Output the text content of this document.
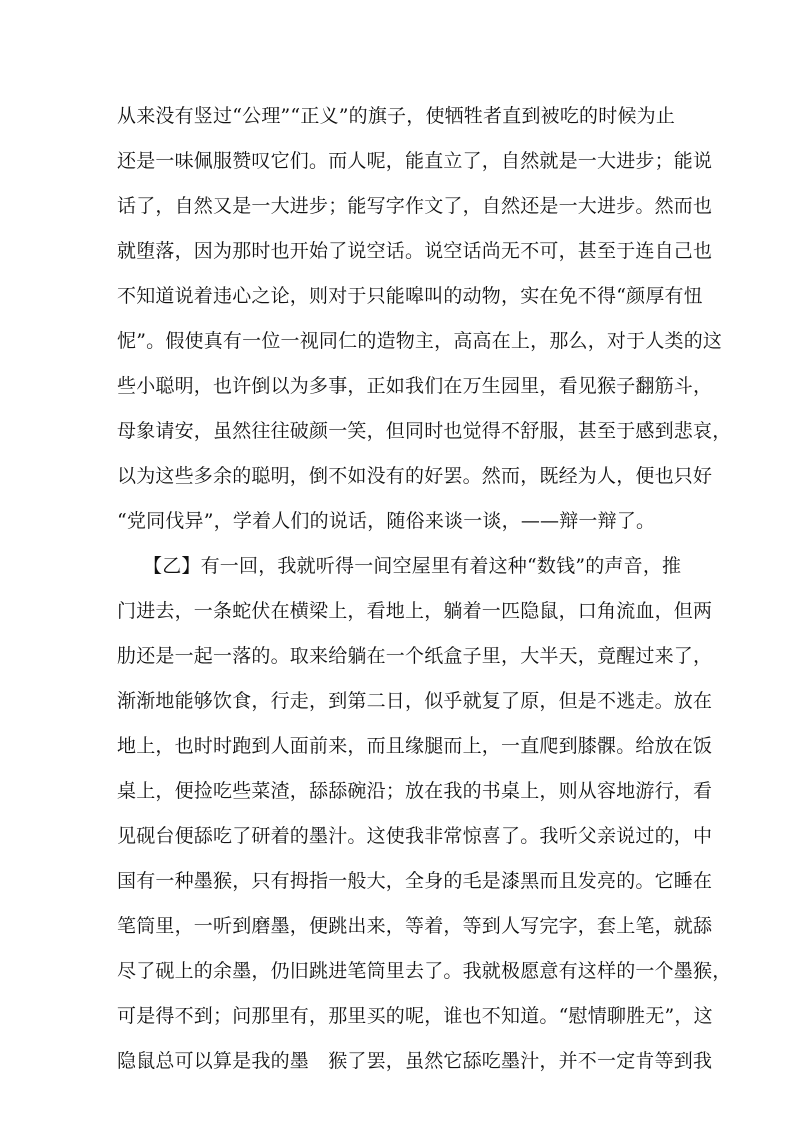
从来没有竖过“公理”“正义”的旗子，使牺牲者直到被吃的时候为止
还是一味佩服赞叹它们。而人呢，能直立了，自然就是一大进步；能说
话了，自然又是一大进步；能写字作文了，自然还是一大进步。然而也
就堕落，因为那时也开始了说空话。说空话尚无不可，甚至于连自己也
不知道说着违心之论，则对于只能嗥叫的动物，实在免不得“颜厚有忸
怩”。假使真有一位一视同仁的造物主，高高在上，那么，对于人类的这
些小聪明，也许倒以为多事，正如我们在万生园里，看见猴子翻筋斗，
母象请安，虽然往往破颜一笑，但同时也觉得不舒服，甚至于感到悲哀，
以为这些多余的聪明，倒不如没有的好罢。然而，既经为人，便也只好
“党同伐异”，学着人们的说话，随俗来谈一谈，——辩一辩了。
【乙】有一回，我就听得一间空屋里有着这种“数钱”的声音，推
门进去，一条蛇伏在横梁上，看地上，躺着一匹隐鼠，口角流血，但两
肋还是一起一落的。取来给躺在一个纸盒子里，大半天，竟醒过来了，
渐渐地能够饮食，行走，到第二日，似乎就复了原，但是不逃走。放在
地上，也时时跑到人面前来，而且缘腿而上，一直爬到膝髁。给放在饭
桌上，便捡吃些菜渣，舔舔碗沿；放在我的书桌上，则从容地游行，看
见砚台便舔吃了研着的墨汁。这使我非常惊喜了。我听父亲说过的，中
国有一种墨猴，只有拇指一般大，全身的毛是漆黑而且发亮的。它睡在
笔筒里，一听到磨墨，便跳出来，等着，等到人写完字，套上笔，就舔
尽了砚上的余墨，仍旧跳进笔筒里去了。我就极愿意有这样的一个墨猴，
可是得不到；问那里有，那里买的呢，谁也不知道。“慰情聊胜无”，这
隐鼠总可以算是我的墨　猴了罢，虽然它舔吃墨汁，并不一定肯等到我
